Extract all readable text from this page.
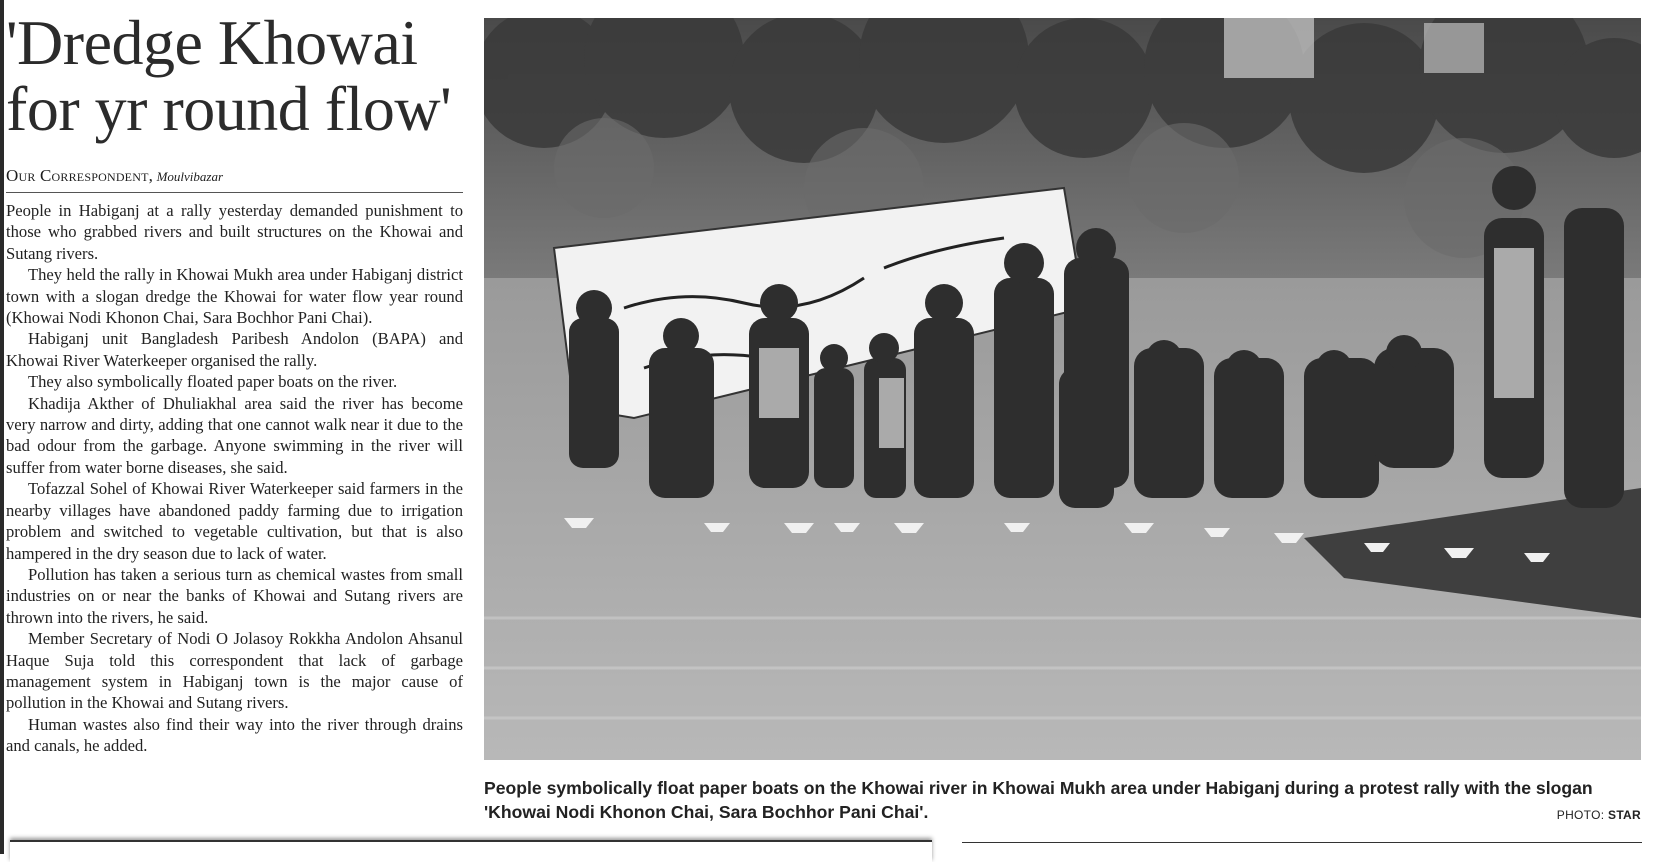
'Dredge Khowai
for yr round flow'
Our Correspondent, Moulvibazar

People in Habiganj at a rally yesterday demanded punishment to those who grabbed rivers and built structures on the Khowai and Sutang rivers.

They held the rally in Khowai Mukh area under Habiganj district town with a slogan dredge the Khowai for water flow year round (Khowai Nodi Khonon Chai, Sara Bochhor Pani Chai).

Habiganj unit Bangladesh Paribesh Andolon (BAPA) and Khowai River Waterkeeper organised the rally.

They also symbolically floated paper boats on the river.

Khadija Akther of Dhuliakhal area said the river has become very narrow and dirty, adding that one cannot walk near it due to the bad odour from the garbage. Anyone swimming in the river will suffer from water borne diseases, she said.

Tofazzal Sohel of Khowai River Waterkeeper said farmers in the nearby villages have abandoned paddy farming due to irrigation problem and switched to vegetable cultivation, but that is also hampered in the dry season due to lack of water.

Pollution has taken a serious turn as chemical wastes from small industries on or near the banks of Khowai and Sutang rivers are thrown into the rivers, he said.

Member Secretary of Nodi O Jolasoy Rokkha Andolon Ahsanul Haque Suja told this correspondent that lack of garbage management system in Habiganj town is the major cause of pollution in the Khowai and Sutang rivers.

Human wastes also find their way into the river through drains and canals, he added.

People symbolically float paper boats on the Khowai river in Khowai Mukh area under Habiganj during a protest rally with the slogan 'Khowai Nodi Khonon Chai, Sara Bochhor Pani Chai'.	PHOTO: STAR
